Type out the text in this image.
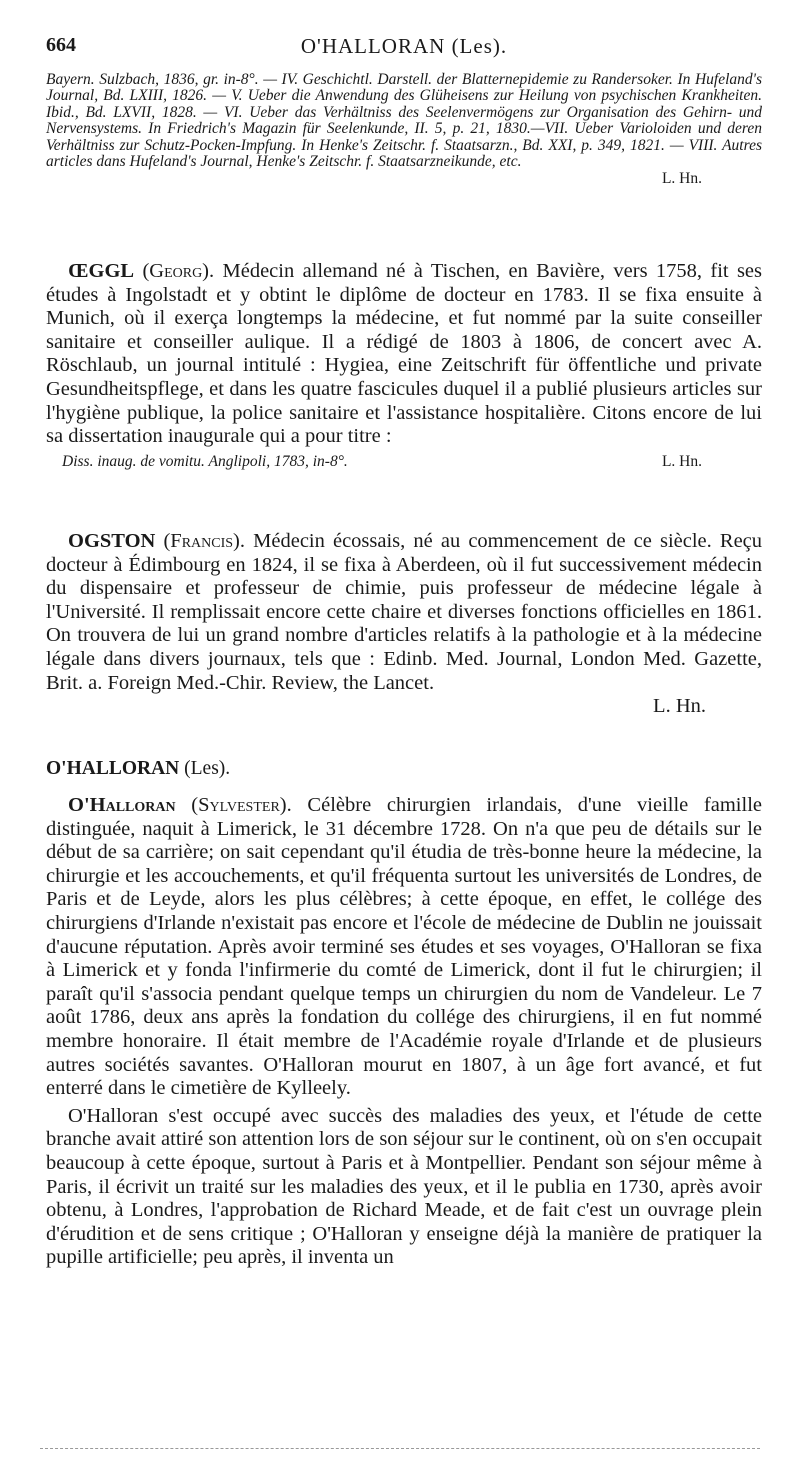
664	O'HALLORAN (Les).

Bayern. Sulzbach, 1836, gr. in-8°. — IV. Geschichtl. Darstell. der Blatternepidemie zu Randersoker. In Hufeland's Journal, Bd. LXIII, 1826. — V. Ueber die Anwendung des Glüheisens zur Heilung von psychischen Krankheiten. Ibid., Bd. LXVII, 1828. — VI. Ueber das Verhältniss des Seelenvermögens zur Organisation des Gehirn- und Nervensystems. In Friedrich's Magazin für Seelenkunde, II. 5, p. 21, 1830.—VII. Ueber Varioloiden und deren Verhältniss zur Schutz-Pocken-Impfung. In Henke's Zeitschr. f. Staatsarzn., Bd. XXI, p. 349, 1821. — VIII. Autres articles dans Hufeland's Journal, Henke's Zeitschr. f. Staatsarzneikunde, etc.

L. Hn.

ŒGGL (Georg). Médecin allemand né à Tischen, en Bavière, vers 1758, fit ses études à Ingolstadt et y obtint le diplôme de docteur en 1783. Il se fixa ensuite à Munich, où il exerça longtemps la médecine, et fut nommé par la suite conseiller sanitaire et conseiller aulique. Il a rédigé de 1803 à 1806, de concert avec A. Röschlaub, un journal intitulé : Hygiea, eine Zeitschrift für öffentliche und private Gesundheitspflege, et dans les quatre fascicules duquel il a publié plusieurs articles sur l'hygiène publique, la police sanitaire et l'assistance hospitalière. Citons encore de lui sa dissertation inaugurale qui a pour titre :

Diss. inaug. de vomitu. Anglipoli, 1783, in-8°.	L. Hn.

OGSTON (Francis). Médecin écossais, né au commencement de ce siècle. Reçu docteur à Édimbourg en 1824, il se fixa à Aberdeen, où il fut successivement médecin du dispensaire et professeur de chimie, puis professeur de médecine légale à l'Université. Il remplissait encore cette chaire et diverses fonctions officielles en 1861. On trouvera de lui un grand nombre d'articles relatifs à la pathologie et à la médecine légale dans divers journaux, tels que : Edinb. Med. Journal, London Med. Gazette, Brit. a. Foreign Med.-Chir. Review, the Lancet.

L. Hn.

O'HALLORAN (Les).

O'Halloran (Sylvester). Célèbre chirurgien irlandais, d'une vieille famille distinguée, naquit à Limerick, le 31 décembre 1728. On n'a que peu de détails sur le début de sa carrière; on sait cependant qu'il étudia de très-bonne heure la médecine, la chirurgie et les accouchements, et qu'il fréquenta surtout les universités de Londres, de Paris et de Leyde, alors les plus célèbres; à cette époque, en effet, le collége des chirurgiens d'Irlande n'existait pas encore et l'école de médecine de Dublin ne jouissait d'aucune réputation. Après avoir terminé ses études et ses voyages, O'Halloran se fixa à Limerick et y fonda l'infirmerie du comté de Limerick, dont il fut le chirurgien; il paraît qu'il s'associa pendant quelque temps un chirurgien du nom de Vandeleur. Le 7 août 1786, deux ans après la fondation du collége des chirurgiens, il en fut nommé membre honoraire. Il était membre de l'Académie royale d'Irlande et de plusieurs autres sociétés savantes. O'Halloran mourut en 1807, à un âge fort avancé, et fut enterré dans le cimetière de Kylleely.

O'Halloran s'est occupé avec succès des maladies des yeux, et l'étude de cette branche avait attiré son attention lors de son séjour sur le continent, où on s'en occupait beaucoup à cette époque, surtout à Paris et à Montpellier. Pendant son séjour même à Paris, il écrivit un traité sur les maladies des yeux, et il le publia en 1730, après avoir obtenu, à Londres, l'approbation de Richard Meade, et de fait c'est un ouvrage plein d'érudition et de sens critique ; O'Halloran y enseigne déjà la manière de pratiquer la pupille artificielle; peu après, il inventa un
